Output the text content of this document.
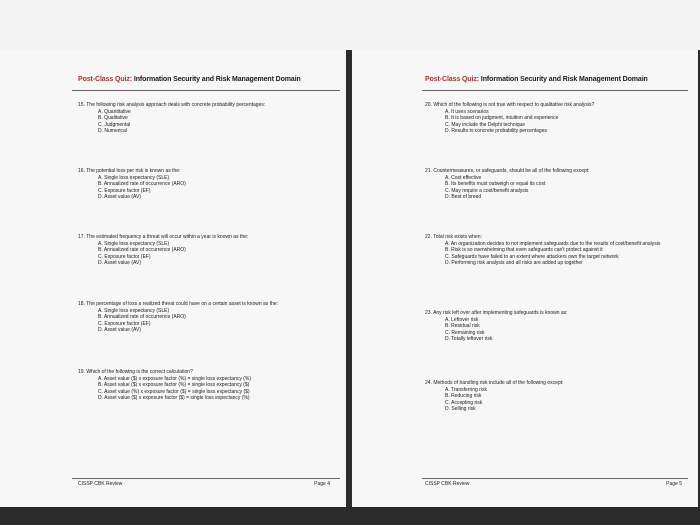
Post-Class Quiz: Information Security and Risk Management Domain
15. The following risk analysis approach deals with concrete probability percentages:
A. Quantitative
B. Qualitative
C. Judgmental
D. Numerical
16. The potential loss per risk is known as the:
A. Single loss expectancy (SLE)
B. Annualized rate of occurrence (ARO)
C. Exposure factor (EF)
D. Asset value (AV)
17. The estimated frequency a threat will occur within a year is known as the:
A. Single loss expectancy (SLE)
B. Annualized rate of occurrence (ARO)
C. Exposure factor (EF)
D. Asset value (AV)
18. The percentage of loss a realized threat could have on a certain asset is known as the:
A. Single loss expectancy (SLE)
B. Annualized rate of occurrence (ARO)
C. Exposure factor (EF)
D. Asset value (AV)
19. Which of the following is the correct calculation?
A. Asset value ($) x exposure factor (%) = single loss expectancy (%)
B. Asset value ($) x exposure factor (%) = single loss expectancy ($)
C. Asset value (%) x exposure factor ($) = single loss expectancy ($)
D. Asset value ($) x exposure factor ($) = single loss expectancy (%)
CISSP CBK Review	Page 4
Post-Class Quiz: Information Security and Risk Management Domain
20. Which of the following is not true with respect to qualitative risk analysis?
A. It uses scenarios
B. It is based on judgment, intuition and experience
C. May include the Delphi technique
D. Results in concrete probability percentages
21. Countermeasures, or safeguards, should be all of the following except:
A. Cost effective
B. Its benefits must outweigh or equal its cost
C. May require a cost/benefit analysis
D. Best of breed
22. Total risk exists when:
A. An organization decides to not implement safeguards due to the results of cost/benefit analysis
B. Risk is so overwhelming that even safeguards can't protect against it
C. Safeguards have failed to an extent where attackers own the target network
D. Performing risk analysis and all risks are added up together
23. Any risk left over after implementing safeguards is known as:
A. Leftover risk
B. Residual risk
C. Remaining risk
D. Totally leftover risk
24. Methods of handling risk include all of the following except:
A. Transferring risk
B. Reducing risk
C. Accepting risk
D. Selling risk
CISSP CBK Review	Page 5
